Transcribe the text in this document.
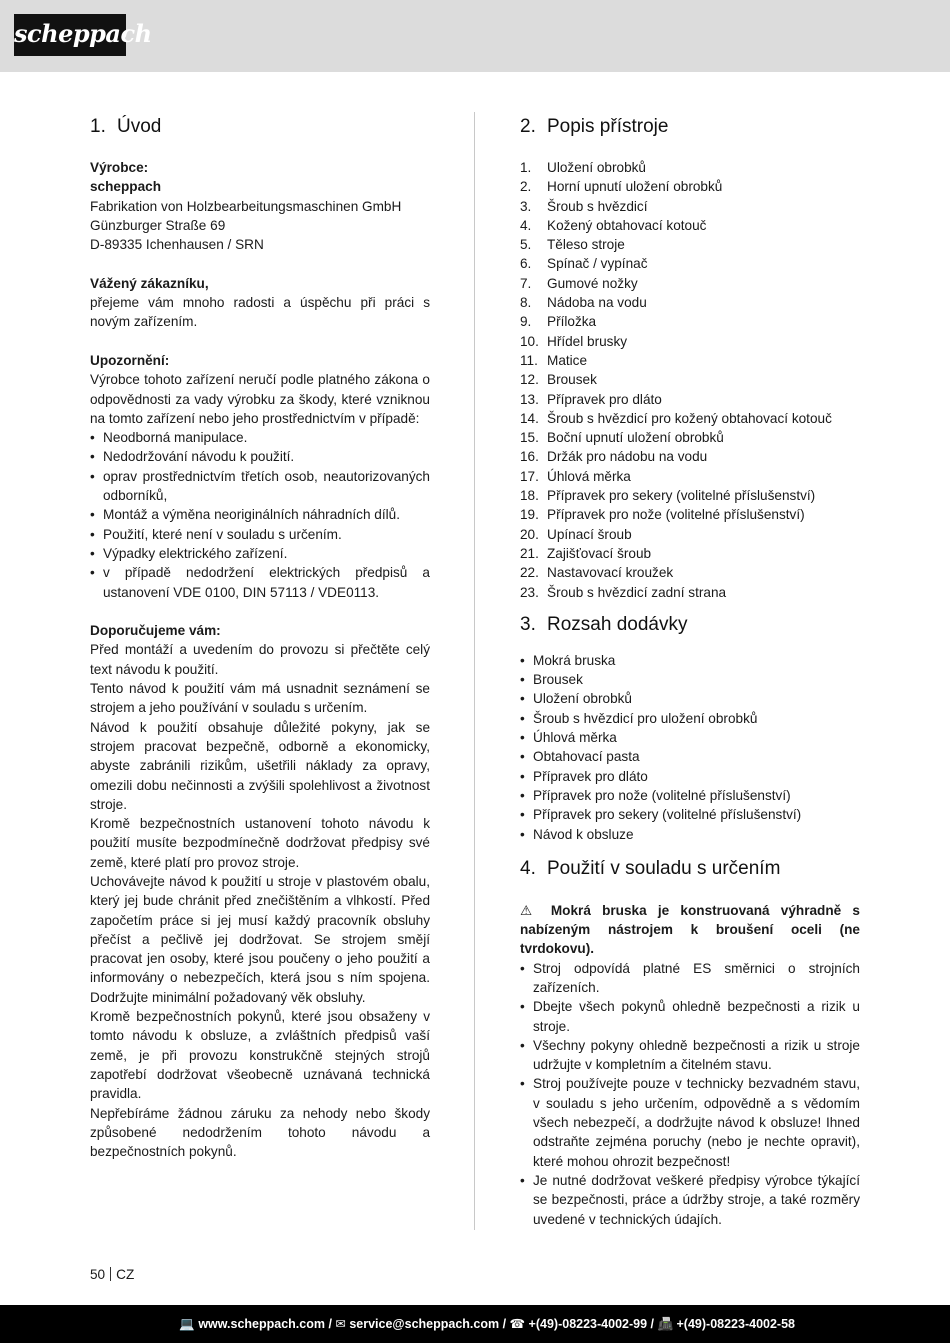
scheppach
1. Úvod

Výrobce:

scheppach

Fabrikation von Holzbearbeitungsmaschinen GmbH

Günzburger Straße 69

D-89335 Ichenhausen / SRN

Vážený zákazníku,

přejeme vám mnoho radosti a úspěchu při práci s novým zařízením.

Upozornění:

Výrobce tohoto zařízení neručí podle platného zákona o odpovědnosti za vady výrobku za škody, které vzniknou na tomto zařízení nebo jeho prostřednictvím v případě:

• Neodborná manipulace.
• Nedodržování návodu k použití.
• oprav prostřednictvím třetích osob, neautorizovaných odborníků,
• Montáž a výměna neoriginálních náhradních dílů.
• Použití, které není v souladu s určením.
• Výpadky elektrického zařízení.
• v případě nedodržení elektrických předpisů a ustanovení VDE 0100, DIN 57113 / VDE0113.

Doporučujeme vám:

Před montáží a uvedením do provozu si přečtěte celý text návodu k použití.

Tento návod k použití vám má usnadnit seznámení se strojem a jeho používání v souladu s určením.

Návod k použití obsahuje důležité pokyny, jak se strojem pracovat bezpečně, odborně a ekonomicky, abyste zabránili rizikům, ušetřili náklady za opravy, omezili dobu nečinnosti a zvýšili spolehlivost a životnost stroje.

Kromě bezpečnostních ustanovení tohoto návodu k použití musíte bezpodmínečně dodržovat předpisy své země, které platí pro provoz stroje.

Uchovávejte návod k použití u stroje v plastovém obalu, který jej bude chránit před znečištěním a vlhkostí. Před započetím práce si jej musí každý pracovník obsluhy přečíst a pečlivě jej dodržovat. Se strojem smějí pracovat jen osoby, které jsou poučeny o jeho použití a informovány o nebezpečích, která jsou s ním spojena. Dodržujte minimální požadovaný věk obsluhy.

Kromě bezpečnostních pokynů, které jsou obsaženy v tomto návodu k obsluze, a zvláštních předpisů vaší země, je při provozu konstrukčně stejných strojů zapotřebí dodržovat všeobecně uznávaná technická pravidla.

Nepřebíráme žádnou záruku za nehody nebo škody způsobené nedodržením tohoto návodu a bezpečnostních pokynů.

2. Popis přístroje
1.	Uložení obrobků
2.	Horní upnutí uložení obrobků
3.	Šroub s hvězdicí
4.	Kožený obtahovací kotouč
5.	Těleso stroje
6.	Spínač / vypínač
7.	Gumové nožky
8.	Nádoba na vodu
9.	Příložka
10. Hřídel brusky
11. Matice
12. Brousek
13. Přípravek pro dláto
14. Šroub s hvězdicí pro kožený obtahovací kotouč
15. Boční upnutí uložení obrobků
16. Držák pro nádobu na vodu
17. Úhlová měrka
18. Přípravek pro sekery (volitelné příslušenství)
19. Přípravek pro nože (volitelné příslušenství)
20. Upínací šroub
21. Zajišťovací šroub
22. Nastavovací kroužek
23. Šroub s hvězdicí zadní strana
3. Rozsah dodávky
• Mokrá bruska
• Brousek
• Uložení obrobků
• Šroub s hvězdicí pro uložení obrobků
• Úhlová měrka
• Obtahovací pasta
• Přípravek pro dláto
• Přípravek pro nože (volitelné příslušenství)
• Přípravek pro sekery (volitelné příslušenství)
• Návod k obsluze
4. Použití v souladu s určením

⚠ Mokrá bruska je konstruovaná výhradně s nabízeným nástrojem k broušení oceli (ne tvrdokovu).

• Stroj odpovídá platné ES směrnici o strojních zařízeních.
• Dbejte všech pokynů ohledně bezpečnosti a rizik u stroje.
• Všechny pokyny ohledně bezpečnosti a rizik u stroje udržujte v kompletním a čitelném stavu.
• Stroj používejte pouze v technicky bezvadném stavu, v souladu s jeho určením, odpovědně a s vědomím všech nebezpečí, a dodržujte návod k obsluze! Ihned odstraňte zejména poruchy (nebo je nechte opravit), které mohou ohrozit bezpečnost!
• Je nutné dodržovat veškeré předpisy výrobce týkající se bezpečnosti, práce a údržby stroje, a také rozměry uvedené v technických údajích.
50 CZ
💻 www.scheppach.com / ✉ service@scheppach.com / ☎ +(49)-08223-4002-99 / 📠 +(49)-08223-4002-58
